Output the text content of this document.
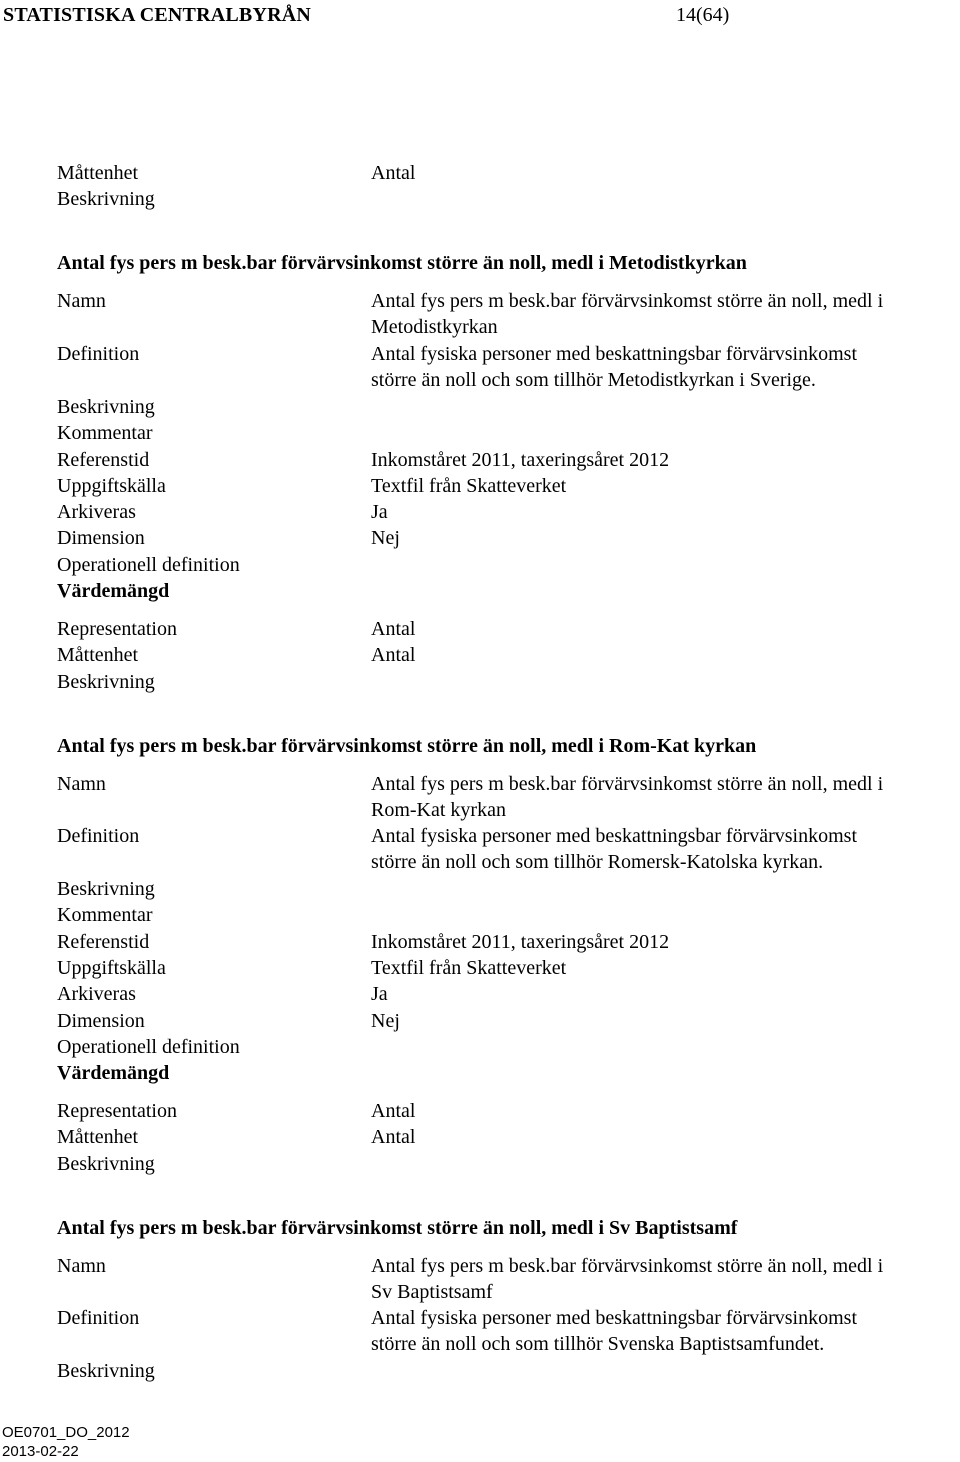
STATISTISKA CENTRALBYRÅN	14(64)
Måttenhet	Antal
Beskrivning
Antal fys pers m besk.bar förvärvsinkomst större än noll, medl i Metodistkyrkan
Namn	Antal fys pers m besk.bar förvärvsinkomst större än noll, medl i
Metodistkyrkan
Definition	Antal fysiska personer med beskattningsbar förvärvsinkomst
större än noll och som tillhör Metodistkyrkan i Sverige.
Beskrivning
Kommentar
Referenstid	Inkomståret 2011, taxeringsåret 2012
Uppgiftskälla	Textfil från Skatteverket
Arkiveras	Ja
Dimension	Nej
Operationell definition
Värdemängd
Representation	Antal
Måttenhet	Antal
Beskrivning
Antal fys pers m besk.bar förvärvsinkomst större än noll, medl i Rom-Kat kyrkan
Namn	Antal fys pers m besk.bar förvärvsinkomst större än noll, medl i
Rom-Kat kyrkan
Definition	Antal fysiska personer med beskattningsbar förvärvsinkomst
större än noll och som tillhör Romersk-Katolska kyrkan.
Beskrivning
Kommentar
Referenstid	Inkomståret 2011, taxeringsåret 2012
Uppgiftskälla	Textfil från Skatteverket
Arkiveras	Ja
Dimension	Nej
Operationell definition
Värdemängd
Representation	Antal
Måttenhet	Antal
Beskrivning
Antal fys pers m besk.bar förvärvsinkomst större än noll, medl i Sv Baptistsamf
Namn	Antal fys pers m besk.bar förvärvsinkomst större än noll, medl i
Sv Baptistsamf
Definition	Antal fysiska personer med beskattningsbar förvärvsinkomst
större än noll och som tillhör Svenska Baptistsamfundet.
Beskrivning
OE0701_DO_2012
2013-02-22
